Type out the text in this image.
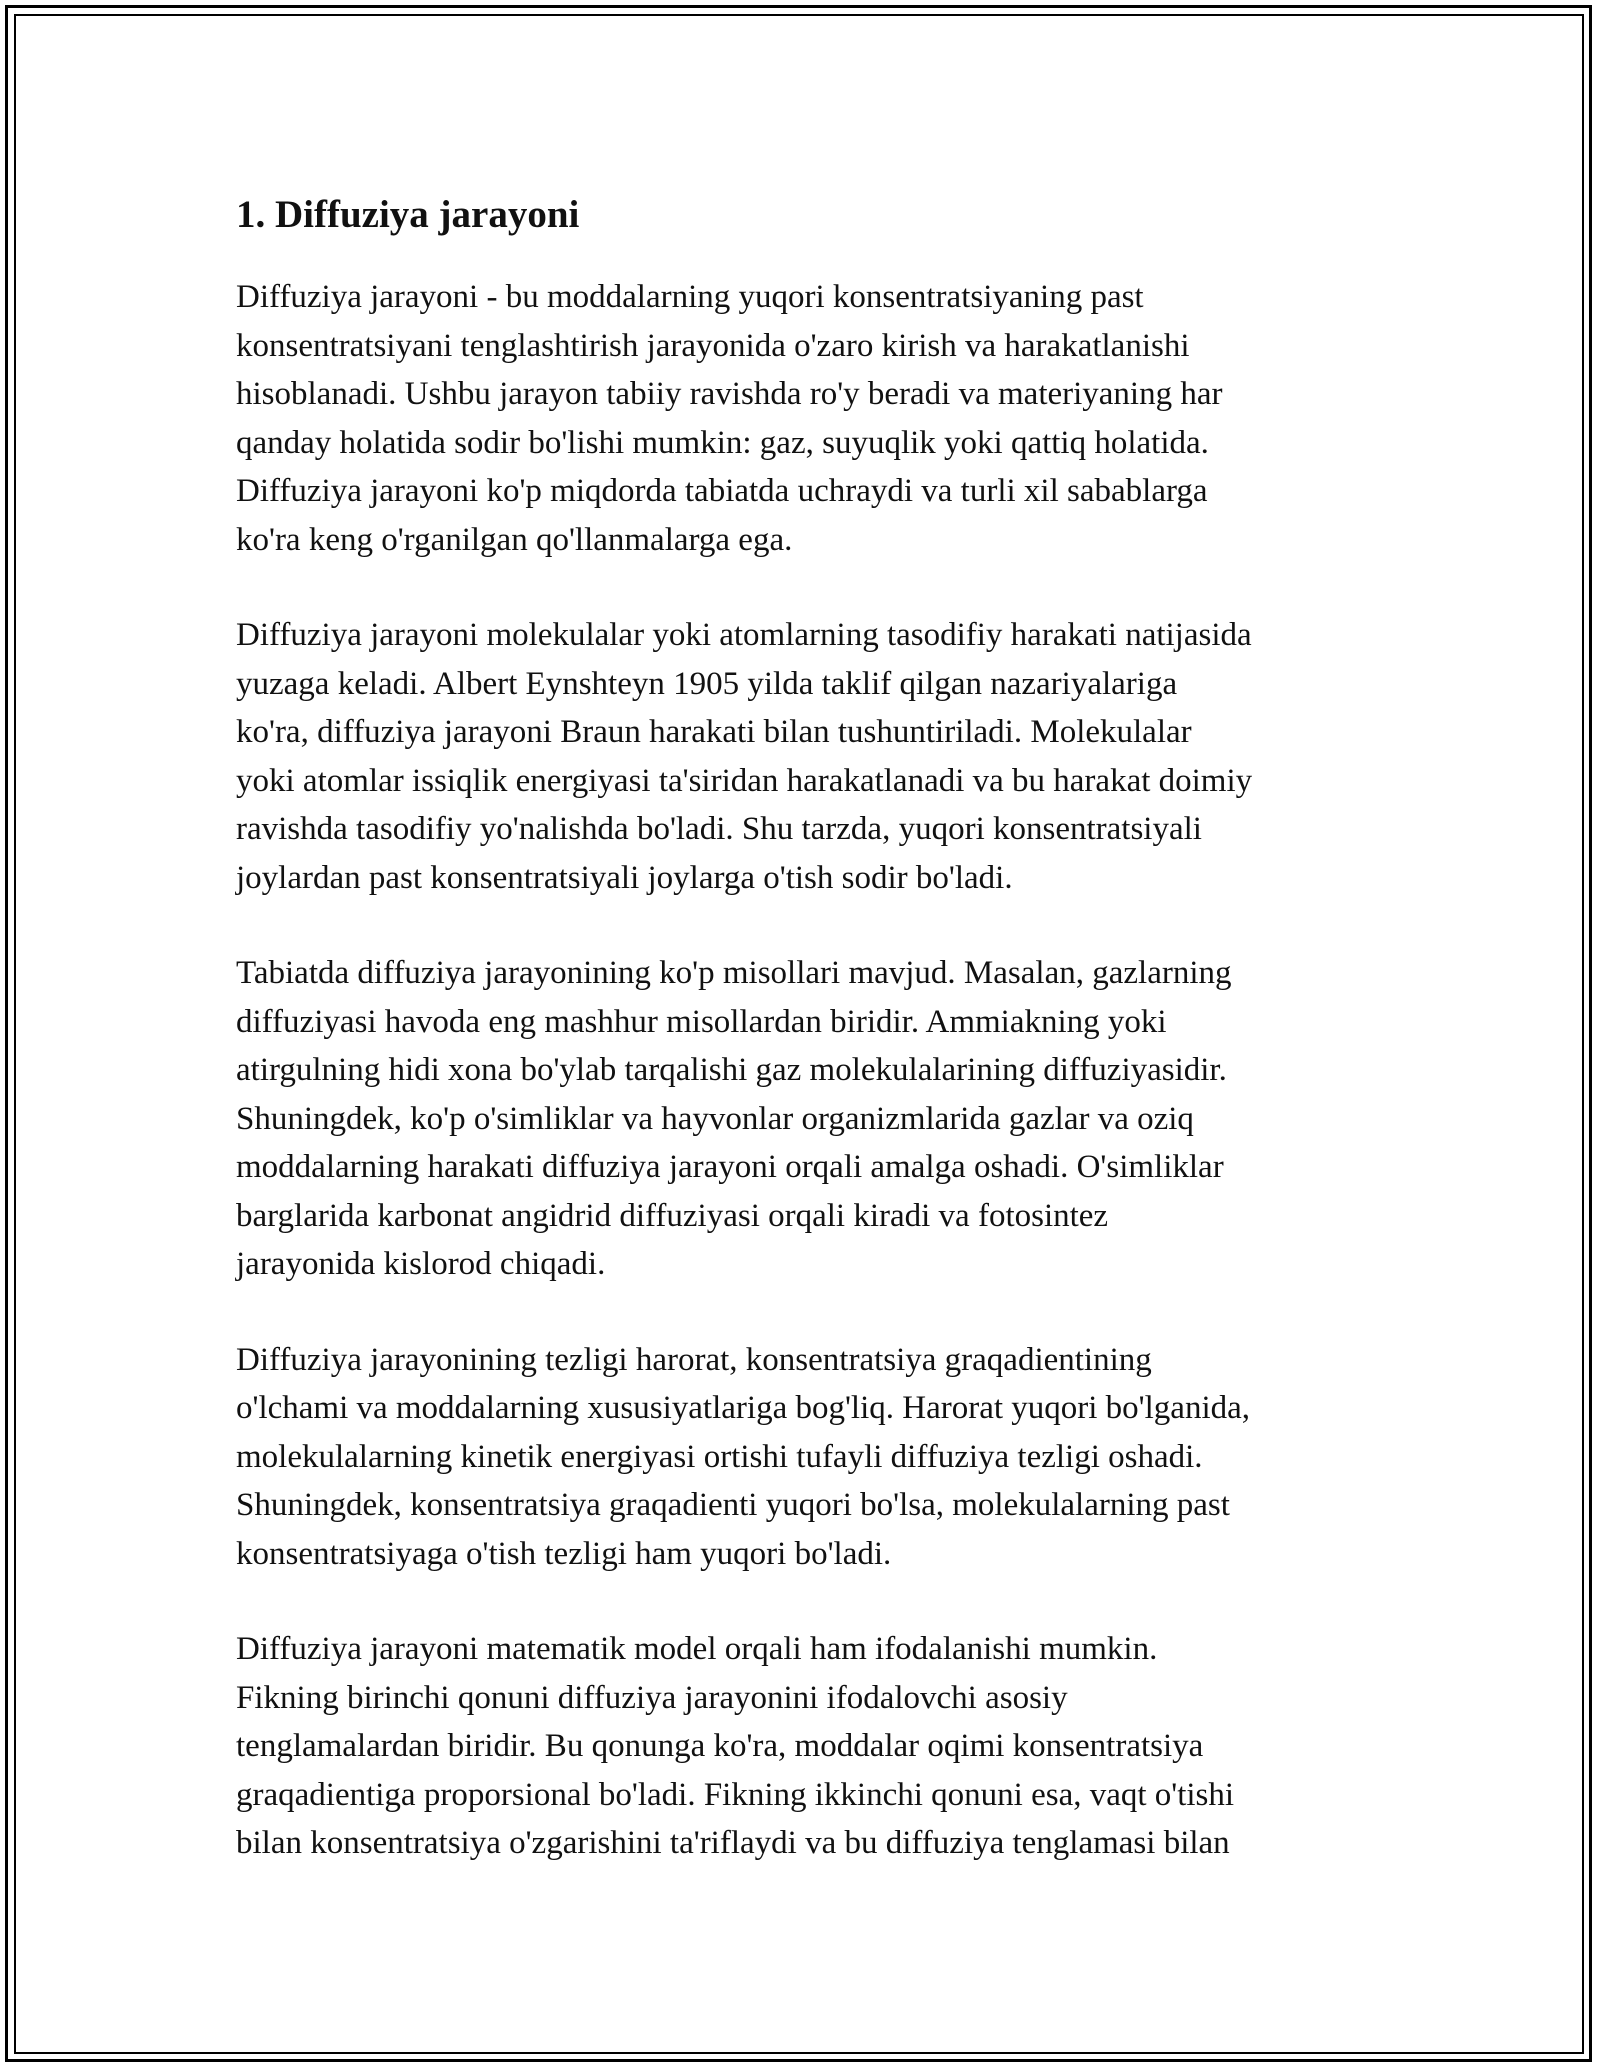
1. Diffuziya jarayoni

Diffuziya jarayoni - bu moddalarning yuqori konsentratsiyaning past
konsentratsiyani tenglashtirish jarayonida o'zaro kirish va harakatlanishi
hisoblanadi. Ushbu jarayon tabiiy ravishda ro'y beradi va materiyaning har
qanday holatida sodir bo'lishi mumkin: gaz, suyuqlik yoki qattiq holatida.
Diffuziya jarayoni ko'p miqdorda tabiatda uchraydi va turli xil sabablarga
ko'ra keng o'rganilgan qo'llanmalarga ega.

Diffuziya jarayoni molekulalar yoki atomlarning tasodifiy harakati natijasida
yuzaga keladi. Albert Eynshteyn 1905 yilda taklif qilgan nazariyalariga
ko'ra, diffuziya jarayoni Braun harakati bilan tushuntiriladi. Molekulalar
yoki atomlar issiqlik energiyasi ta'siridan harakatlanadi va bu harakat doimiy
ravishda tasodifiy yo'nalishda bo'ladi. Shu tarzda, yuqori konsentratsiyali
joylardan past konsentratsiyali joylarga o'tish sodir bo'ladi.

Tabiatda diffuziya jarayonining ko'p misollari mavjud. Masalan, gazlarning
diffuziyasi havoda eng mashhur misollardan biridir. Ammiakning yoki
atirgulning hidi xona bo'ylab tarqalishi gaz molekulalarining diffuziyasidir.
Shuningdek, ko'p o'simliklar va hayvonlar organizmlarida gazlar va oziq
moddalarning harakati diffuziya jarayoni orqali amalga oshadi. O'simliklar
barglarida karbonat angidrid diffuziyasi orqali kiradi va fotosintez
jarayonida kislorod chiqadi.

Diffuziya jarayonining tezligi harorat, konsentratsiya graqadientining
o'lchami va moddalarning xususiyatlariga bog'liq. Harorat yuqori bo'lganida,
molekulalarning kinetik energiyasi ortishi tufayli diffuziya tezligi oshadi.
Shuningdek, konsentratsiya graqadienti yuqori bo'lsa, molekulalarning past
konsentratsiyaga o'tish tezligi ham yuqori bo'ladi.

Diffuziya jarayoni matematik model orqali ham ifodalanishi mumkin.
Fikning birinchi qonuni diffuziya jarayonini ifodalovchi asosiy
tenglamalardan biridir. Bu qonunga ko'ra, moddalar oqimi konsentratsiya
graqadientiga proporsional bo'ladi. Fikning ikkinchi qonuni esa, vaqt o'tishi
bilan konsentratsiya o'zgarishini ta'riflaydi va bu diffuziya tenglamasi bilan
